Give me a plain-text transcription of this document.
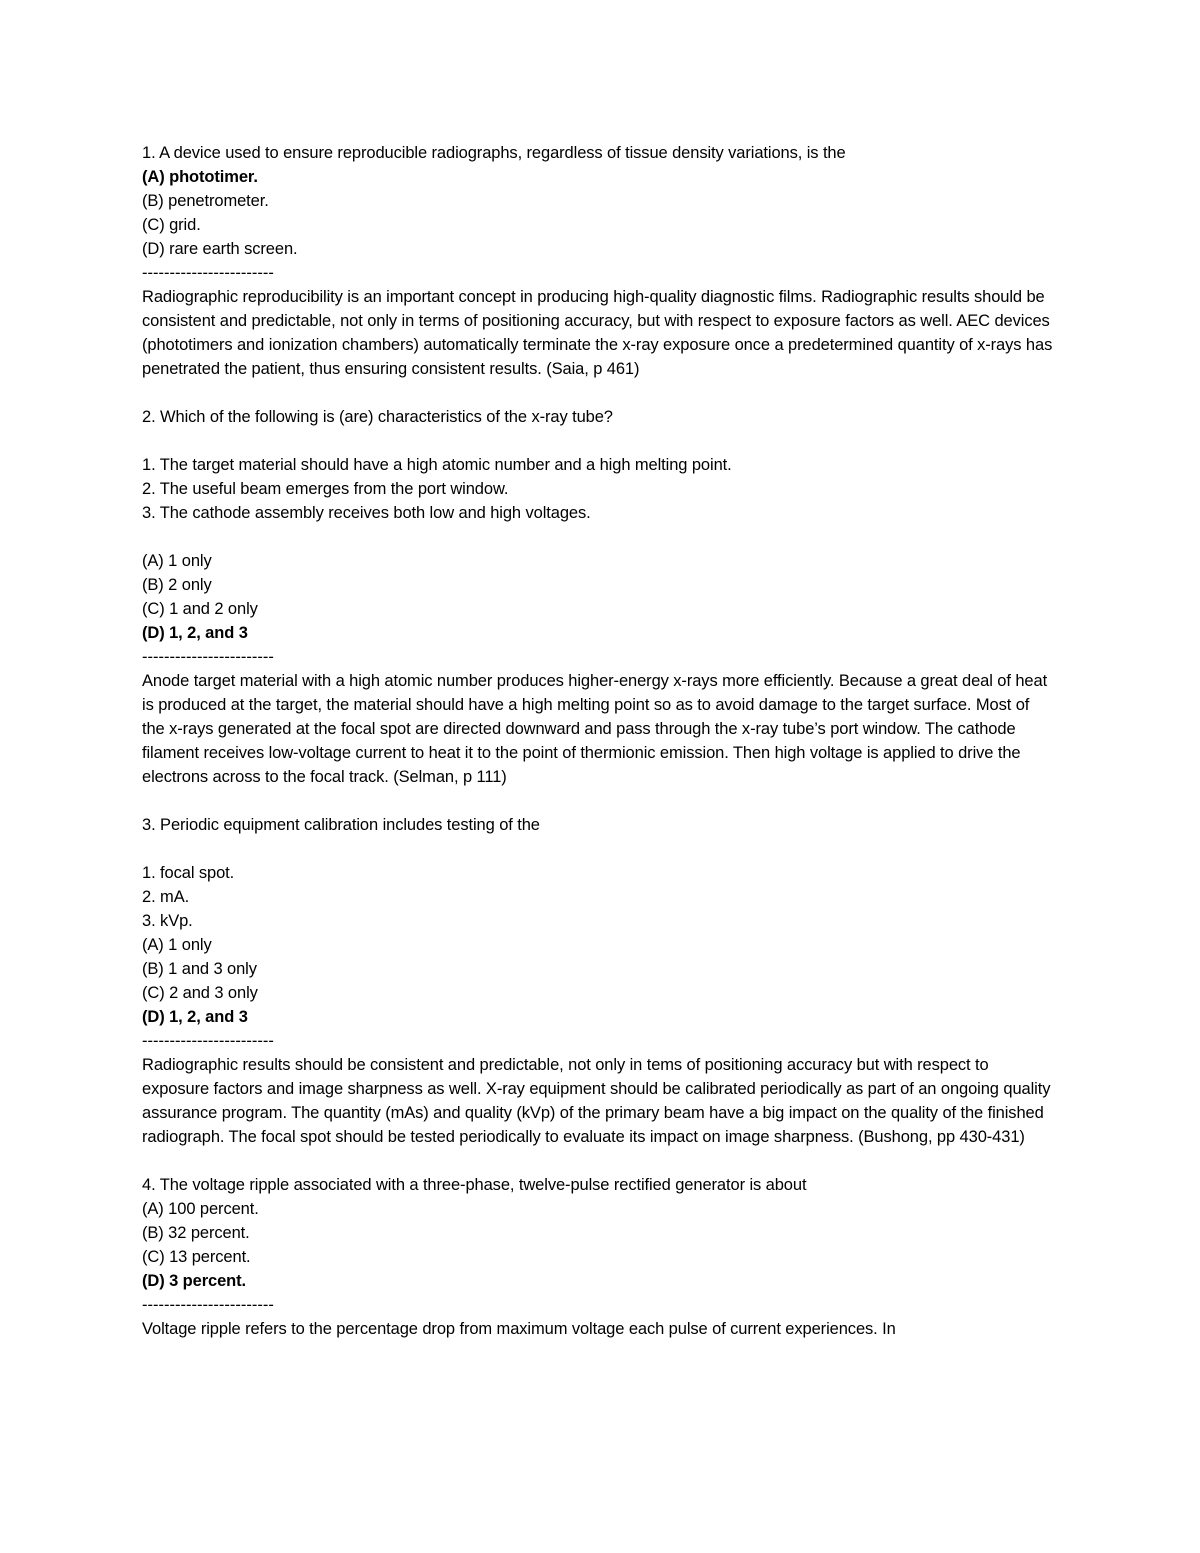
1. A device used to ensure reproducible radiographs, regardless of tissue density variations, is the
(A) phototimer.
(B) penetrometer.
(C) grid.
(D) rare earth screen.
------------------------
Radiographic reproducibility is an important concept in producing high-quality diagnostic films. Radiographic results should be consistent and predictable, not only in terms of positioning accuracy, but with respect to exposure factors as well. AEC devices (phototimers and ionization chambers) automatically terminate the x-ray exposure once a predetermined quantity of x-rays has penetrated the patient, thus ensuring consistent results. (Saia, p 461)
2. Which of the following is (are) characteristics of the x-ray tube?
1. The target material should have a high atomic number and a high melting point.
2. The useful beam emerges from the port window.
3. The cathode assembly receives both low and high voltages.
(A) 1 only
(B) 2 only
(C) 1 and 2 only
(D) 1, 2, and 3
------------------------
Anode target material with a high atomic number produces higher-energy x-rays more efficiently. Because a great deal of heat is produced at the target, the material should have a high melting point so as to avoid damage to the target surface. Most of the x-rays generated at the focal spot are directed downward and pass through the x-ray tube’s port window. The cathode filament receives low-voltage current to heat it to the point of thermionic emission. Then high voltage is applied to drive the electrons across to the focal track. (Selman, p 111)
3. Periodic equipment calibration includes testing of the
1. focal spot.
2. mA.
3. kVp.
(A) 1 only
(B) 1 and 3 only
(C) 2 and 3 only
(D) 1, 2, and 3
------------------------
Radiographic results should be consistent and predictable, not only in tems of positioning accuracy but with respect to exposure factors and image sharpness as well. X-ray equipment should be calibrated periodically as part of an ongoing quality assurance program. The quantity (mAs) and quality (kVp) of the primary beam have a big impact on the quality of the finished radiograph. The focal spot should be tested periodically to evaluate its impact on image sharpness. (Bushong, pp 430-431)
4. The voltage ripple associated with a three-phase, twelve-pulse rectified generator is about
(A) 100 percent.
(B) 32 percent.
(C) 13 percent.
(D) 3 percent.
------------------------
Voltage ripple refers to the percentage drop from maximum voltage each pulse of current experiences. In
